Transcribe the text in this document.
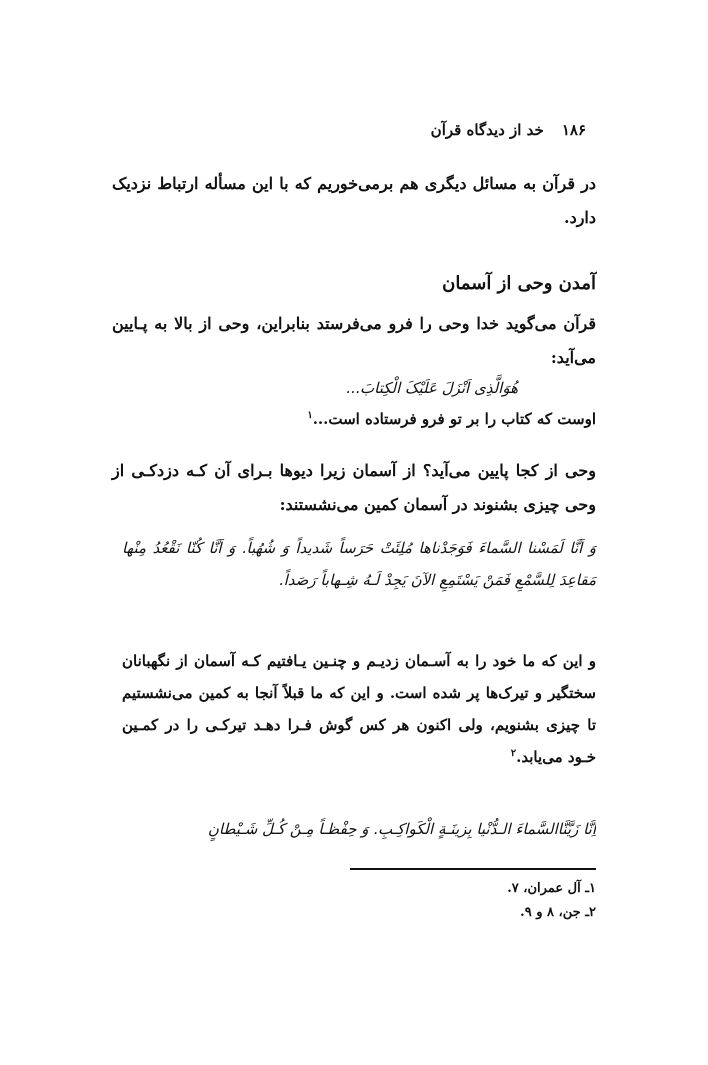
۱۸۶خد از دیدگاه قرآن
در قرآن به مسائل دیگری هم برمی‌خوریم که با این مسأله ارتباط نزدیک دارد.
آمدن وحی از آسمان
قرآن می‌گوید خدا وحی را فرو می‌فرستد بنابراین، وحی از بالا به پـایین می‌آید:
هُوَالَّذِی اَنْزَلَ عَلَیْکَ الْکِتابَ...
اوست که کتاب را بر تو فرو فرستاده است...$^۱$
وحی از کجا پایین می‌آید؟ از آسمان زیرا دیوها بـرای آن کـه دزدکـی از وحی چیزی بشنوند در آسمان کمین می‌نشستند:
وَ اَنَّا لَمَسْنا السَّماءَ فَوَجَدْناها مُلِئَتْ حَرَساً شَدیداً وَ شُهُباً. وَ اَنَّا کُنّا نَقْعُدُ مِنْها مَقاعِدَ لِلسَّمْعِ فَمَنْ یَسْتَمِعِ الآنَ یَجِدْ لَـهُ شِـهاباً رَصَداً.
و این که ما خود را به آسـمان زدیـم و چنـین یـافتیم کـه آسمان از نگهبانان سختگیر و تیرک‌ها پر شده است. و این که ما قبلاً آنجا به کمین می‌نشستیم تا چیزی بشنویم، ولی اکنون هر کس گوش فـرا دهـد تیرکـی را در کمـین خـود می‌یابد.$^۲$
اِنَّا زَیَّنَّاالسَّماءَ الـدُّنْیا بِزینَـةٍ الْکَواکِـبِ. وَ حِفْظـاً مِـنْ کُـلِّ شَـیْطانٍ
۱ـ آل عمران، ۷.
۲ـ جن، ۸ و ۹.
